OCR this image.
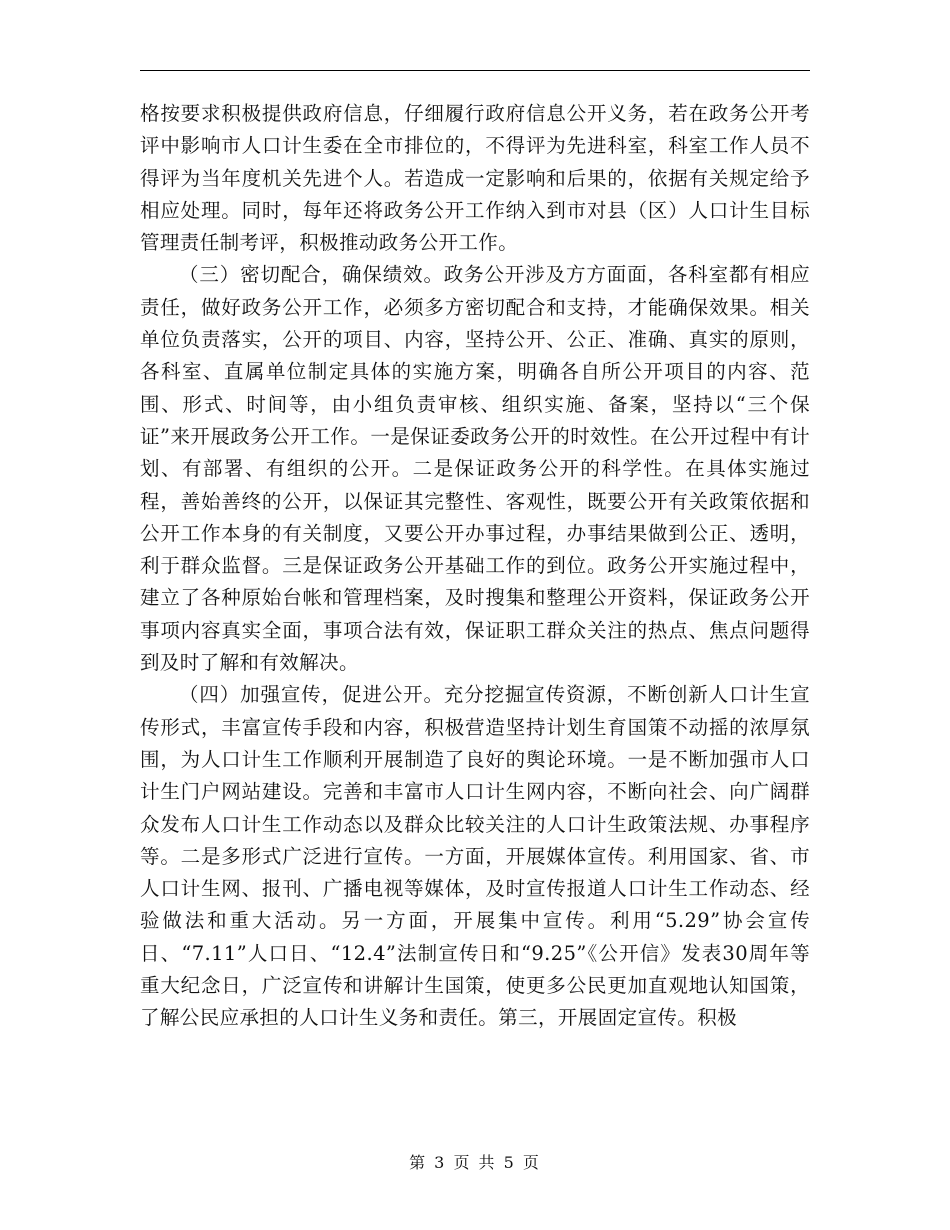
格按要求积极提供政府信息，仔细履行政府信息公开义务，若在政务公开考评中影响市人口计生委在全市排位的，不得评为先进科室，科室工作人员不得评为当年度机关先进个人。若造成一定影响和后果的，依据有关规定给予相应处理。同时，每年还将政务公开工作纳入到市对县（区）人口计生目标管理责任制考评，积极推动政务公开工作。

（三）密切配合，确保绩效。政务公开涉及方方面面，各科室都有相应责任，做好政务公开工作，必须多方密切配合和支持，才能确保效果。相关单位负责落实，公开的项目、内容，坚持公开、公正、准确、真实的原则，各科室、直属单位制定具体的实施方案，明确各自所公开项目的内容、范围、形式、时间等，由小组负责审核、组织实施、备案，坚持以“三个保证”来开展政务公开工作。一是保证委政务公开的时效性。在公开过程中有计划、有部署、有组织的公开。二是保证政务公开的科学性。在具体实施过程，善始善终的公开，以保证其完整性、客观性，既要公开有关政策依据和公开工作本身的有关制度，又要公开办事过程，办事结果做到公正、透明，利于群众监督。三是保证政务公开基础工作的到位。政务公开实施过程中，建立了各种原始台帐和管理档案，及时搜集和整理公开资料，保证政务公开事项内容真实全面，事项合法有效，保证职工群众关注的热点、焦点问题得到及时了解和有效解决。

（四）加强宣传，促进公开。充分挖掘宣传资源，不断创新人口计生宣传形式，丰富宣传手段和内容，积极营造坚持计划生育国策不动摇的浓厚氛围，为人口计生工作顺利开展制造了良好的舆论环境。一是不断加强市人口计生门户网站建设。完善和丰富市人口计生网内容，不断向社会、向广阔群众发布人口计生工作动态以及群众比较关注的人口计生政策法规、办事程序等。二是多形式广泛进行宣传。一方面，开展媒体宣传。利用国家、省、市人口计生网、报刊、广播电视等媒体，及时宣传报道人口计生工作动态、经验做法和重大活动。另一方面，开展集中宣传。利用“5.29”协会宣传日、“7.11”人口日、“12.4”法制宣传日和“9.25”《公开信》发表30周年等重大纪念日，广泛宣传和讲解计生国策，使更多公民更加直观地认知国策，了解公民应承担的人口计生义务和责任。第三，开展固定宣传。积极

第 3 页 共 5 页
